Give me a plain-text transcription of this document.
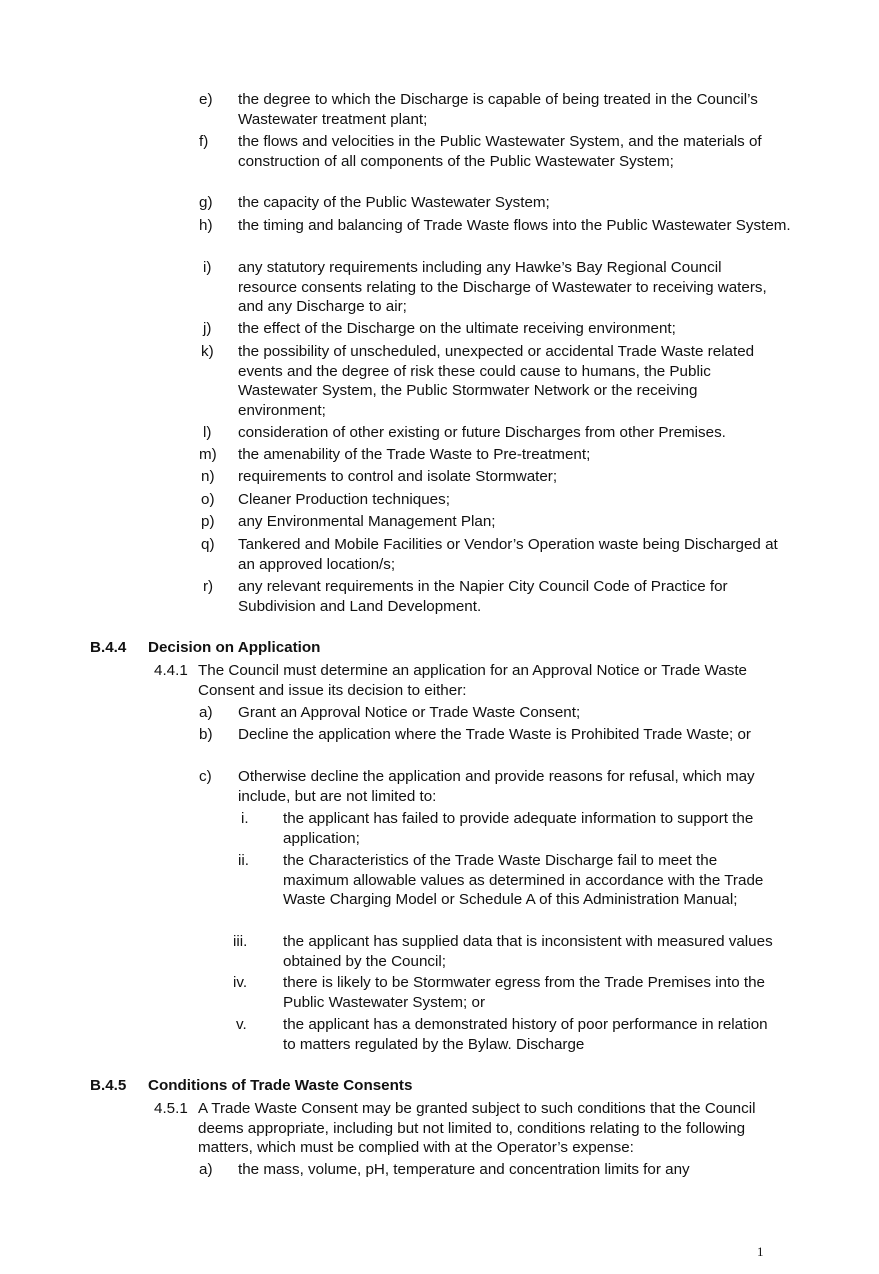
e) the degree to which the Discharge is capable of being treated in the Council’s Wastewater treatment plant;
f) the flows and velocities in the Public Wastewater System, and the materials of construction of all components of the Public Wastewater System;
g) the capacity of the Public Wastewater System;
h) the timing and balancing of Trade Waste flows into the Public Wastewater System.
i) any statutory requirements including any Hawke’s Bay Regional Council resource consents relating to the Discharge of Wastewater to receiving waters, and any Discharge to air;
j) the effect of the Discharge on the ultimate receiving environment;
k) the possibility of unscheduled, unexpected or accidental Trade Waste related events and the degree of risk these could cause to humans, the Public Wastewater System, the Public Stormwater Network or the receiving environment;
l) consideration of other existing or future Discharges from other Premises.
m) the amenability of the Trade Waste to Pre-treatment;
n) requirements to control and isolate Stormwater;
o) Cleaner Production techniques;
p) any Environmental Management Plan;
q) Tankered and Mobile Facilities or Vendor’s Operation waste being Discharged at an approved location/s;
r) any relevant requirements in the Napier City Council Code of Practice for Subdivision and Land Development.
B.4.4 Decision on Application
4.4.1 The Council must determine an application for an Approval Notice or Trade Waste Consent and issue its decision to either:
a) Grant an Approval Notice or Trade Waste Consent;
b) Decline the application where the Trade Waste is Prohibited Trade Waste; or
c) Otherwise decline the application and provide reasons for refusal, which may include, but are not limited to:
i. the applicant has failed to provide adequate information to support the application;
ii. the Characteristics of the Trade Waste Discharge fail to meet the maximum allowable values as determined in accordance with the Trade Waste Charging Model or Schedule A of this Administration Manual;
iii. the applicant has supplied data that is inconsistent with measured values obtained by the Council;
iv. there is likely to be Stormwater egress from the Trade Premises into the Public Wastewater System; or
v. the applicant has a demonstrated history of poor performance in relation to matters regulated by the Bylaw. Discharge
B.4.5 Conditions of Trade Waste Consents
4.5.1 A Trade Waste Consent may be granted subject to such conditions that the Council deems appropriate, including but not limited to, conditions relating to the following matters, which must be complied with at the Operator’s expense:
a) the mass, volume, pH, temperature and concentration limits for any
1
